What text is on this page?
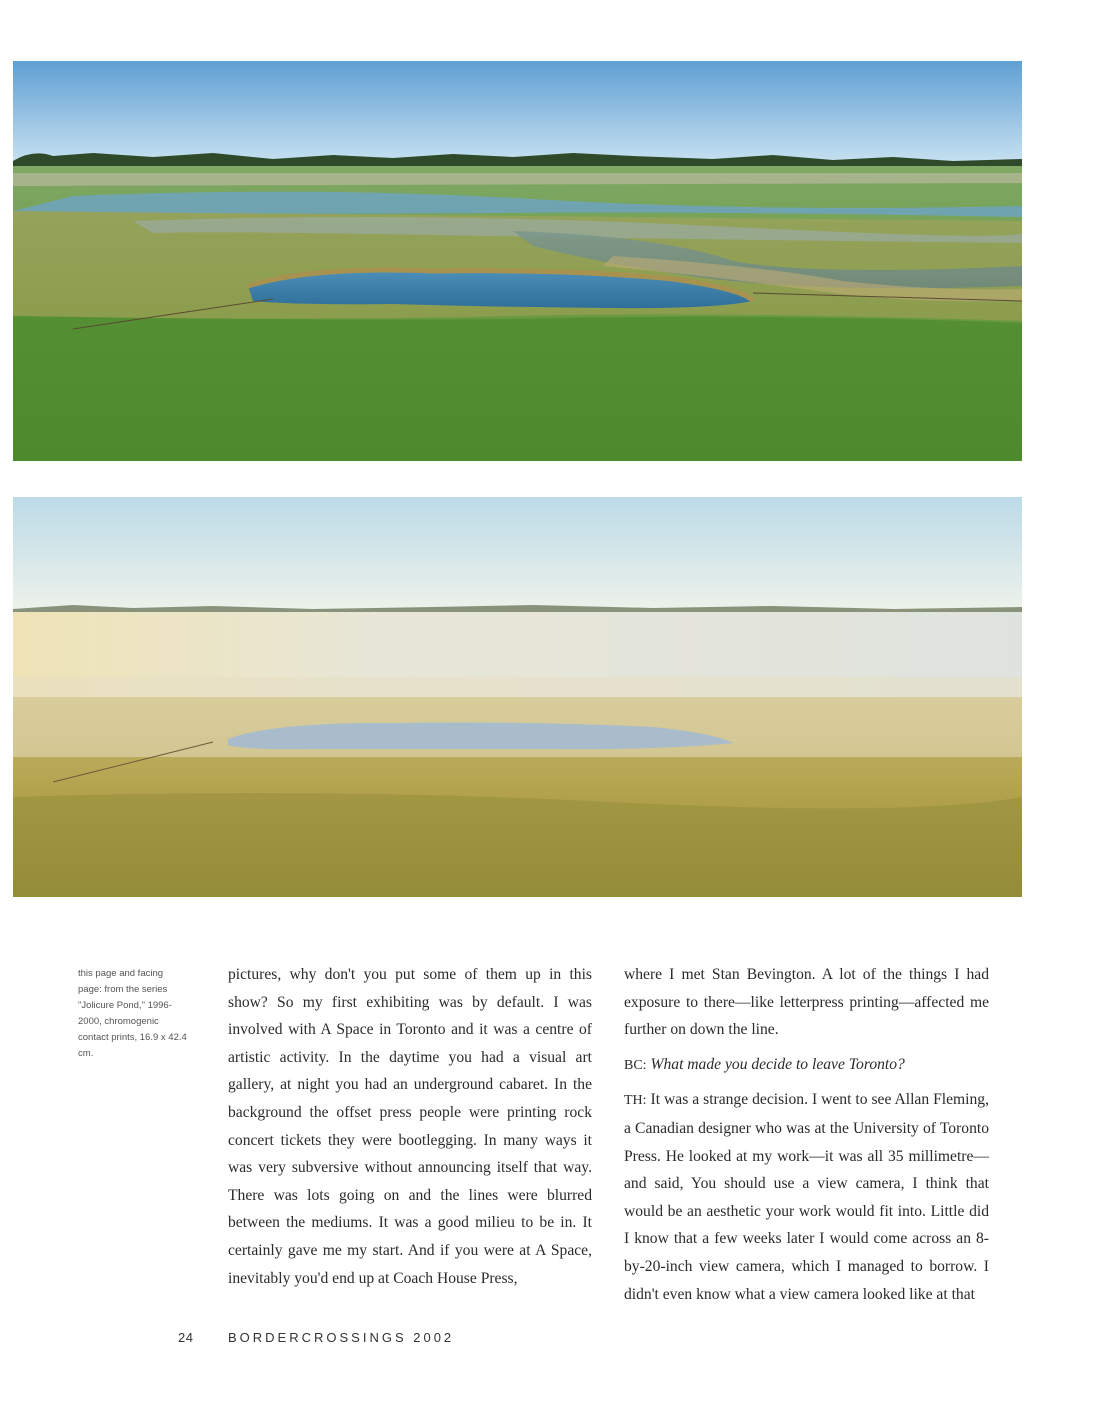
this page and facing page: from the series "Jolicure Pond," 1996-2000, chromogenic contact prints, 16.9 x 42.4 cm.

pictures, why don't you put some of them up in this show? So my first exhibiting was by default. I was involved with A Space in Toronto and it was a centre of artistic activity. In the daytime you had a visual art gallery, at night you had an underground cabaret. In the background the offset press people were printing rock concert tickets they were bootlegging. In many ways it was very subversive without announcing itself that way. There was lots going on and the lines were blurred between the mediums. It was a good milieu to be in. It certainly gave me my start. And if you were at A Space, inevitably you'd end up at Coach House Press,

where I met Stan Bevington. A lot of the things I had exposure to there—like letterpress printing—affected me further on down the line.

BC: What made you decide to leave Toronto?

TH: It was a strange decision. I went to see Allan Fleming, a Canadian designer who was at the University of Toronto Press. He looked at my work—it was all 35 millimetre—and said, You should use a view camera, I think that would be an aesthetic your work would fit into. Little did I know that a few weeks later I would come across an 8-by-20-inch view camera, which I managed to borrow. I didn't even know what a view camera looked like at that

24	BORDERCROSSINGS 2002
